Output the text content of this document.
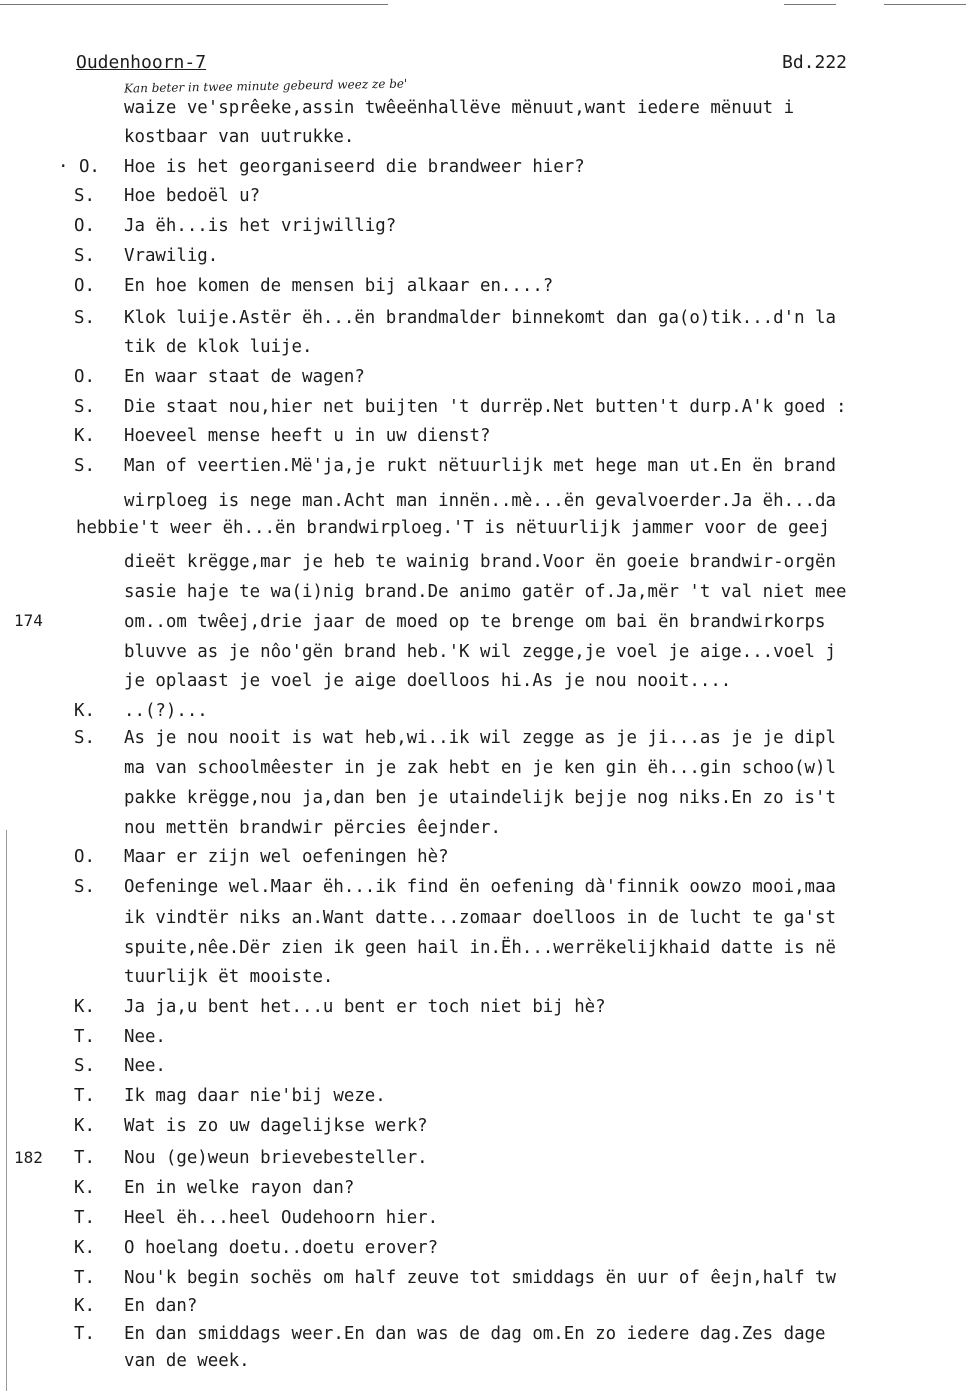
Oudenhoorn-7	Bd.222
Kan beter in twee minute gebeurd weez ze be'
waize ve'sprêeke,assin twêeënhallëve mënuut,want iedere mënuut i
kostbaar van uutrukke.
· O. Hoe is het georganiseerd die brandweer hier?
S.	Hoe bedoël u?
O.	Ja ëh...is het vrijwillig?
S.	Vrawilig.
O.	En hoe komen de mensen bij alkaar en....?
S.	Klok luije.Astër ëh...ën brandmalder binnekomt dan ga(o)tik...d'n la
tik de klok luije.
O.	En waar staat de wagen?
S.	Die staat nou,hier net buijten 't durrëp.Net butten't durp.A'k goed :
K.	Hoeveel mense heeft u in uw dienst?
S.	Man of veertien.Më'ja,je rukt nëtuurlijk met hege man ut.En ën brand
wirploeg is nege man.Acht man innën..mè...ën gevalvoerder.Ja ëh...da
hebbie't weer ëh...ën brandwirploeg.'T is nëtuurlijk jammer voor de geej
dieët krëgge,mar je heb te wainig brand.Voor ën goeie brandwir-orgën
sasie haje te wa(i)nig brand.De animo gatër of.Ja,mër 't val niet mee
om..om twêej,drie jaar de moed op te brenge om bai ën brandwirkorps
bluvve as je nôo'gën brand heb.'K wil zegge,je voel je aige...voel j
je oplaast je voel je aige doelloos hi.As je nou nooit....
K.	..(?)...
S.	As je nou nooit is wat heb,wi..ik wil zegge as je ji...as je je dipl
ma van schoolmêester in je zak hebt en je ken gin ëh...gin schoo(w)l
pakke krëgge,nou ja,dan ben je utaindelijk bejje nog niks.En zo is't
nou mettën brandwir përcies êejnder.
O.	Maar er zijn wel oefeningen hè?
S.	Oefeninge wel.Maar ëh...ik find ën oefening dà'finnik oowzo mooi,maa
ik vindtër niks an.Want datte...zomaar doelloos in de lucht te ga'st
spuite,nêe.Dër zien ik geen hail in.Ëh...werrëkelijkhaid datte is në
tuurlijk ët mooiste.
K.	Ja ja,u bent het...u bent er toch niet bij hè?
T.	Nee.
S.	Nee.
T.	Ik mag daar nie'bij weze.
K.	Wat is zo uw dagelijkse werk?
T.	Nou (ge)weun brievebesteller.
K.	En in welke rayon dan?
T.	Heel ëh...heel Oudehoorn hier.
K.	O hoelang doetu..doetu erover?
T.	Nou'k begin sochës om half zeuve tot smiddags ën uur of êejn,half tw
K.	En dan?
T.	En dan smiddags weer.En dan was de dag om.En zo iedere dag.Zes dage
van de week.
174
182
